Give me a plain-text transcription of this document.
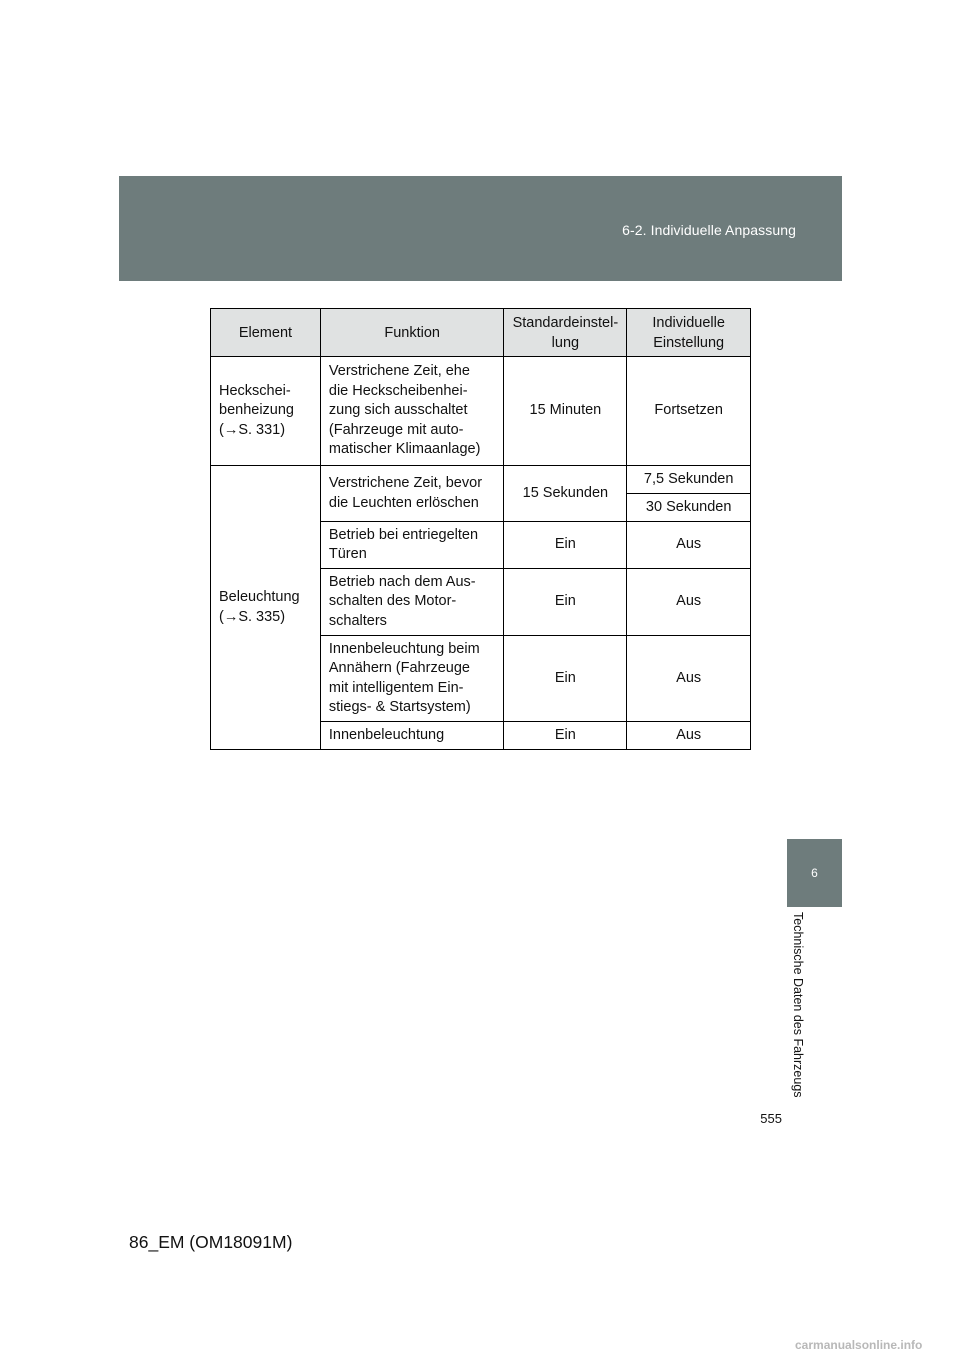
6-2. Individuelle Anpassung
Element	Funktion	Standardeinstel-
lung	Individuelle
Einstellung
Heckschei-
benheizung
(→S. 331)	Verstrichene Zeit, ehe
die Heckscheibenhei-
zung sich ausschaltet
(Fahrzeuge mit auto-
matischer Klimaanlage)	15 Minuten	Fortsetzen
Beleuchtung
(→S. 335)	Verstrichene Zeit, bevor
die Leuchten erlöschen	15 Sekunden	7,5 Sekunden
			30 Sekunden
	Betrieb bei entriegelten
Türen	Ein	Aus
	Betrieb nach dem Aus-
schalten des Motor-
schalters	Ein	Aus
	Innenbeleuchtung beim
Annähern (Fahrzeuge
mit intelligentem Ein-
stiegs- & Startsystem)	Ein	Aus
	Innenbeleuchtung	Ein	Aus
6
Technische Daten des Fahrzeugs
555
86_EM (OM18091M)
carmanualsonline.info
